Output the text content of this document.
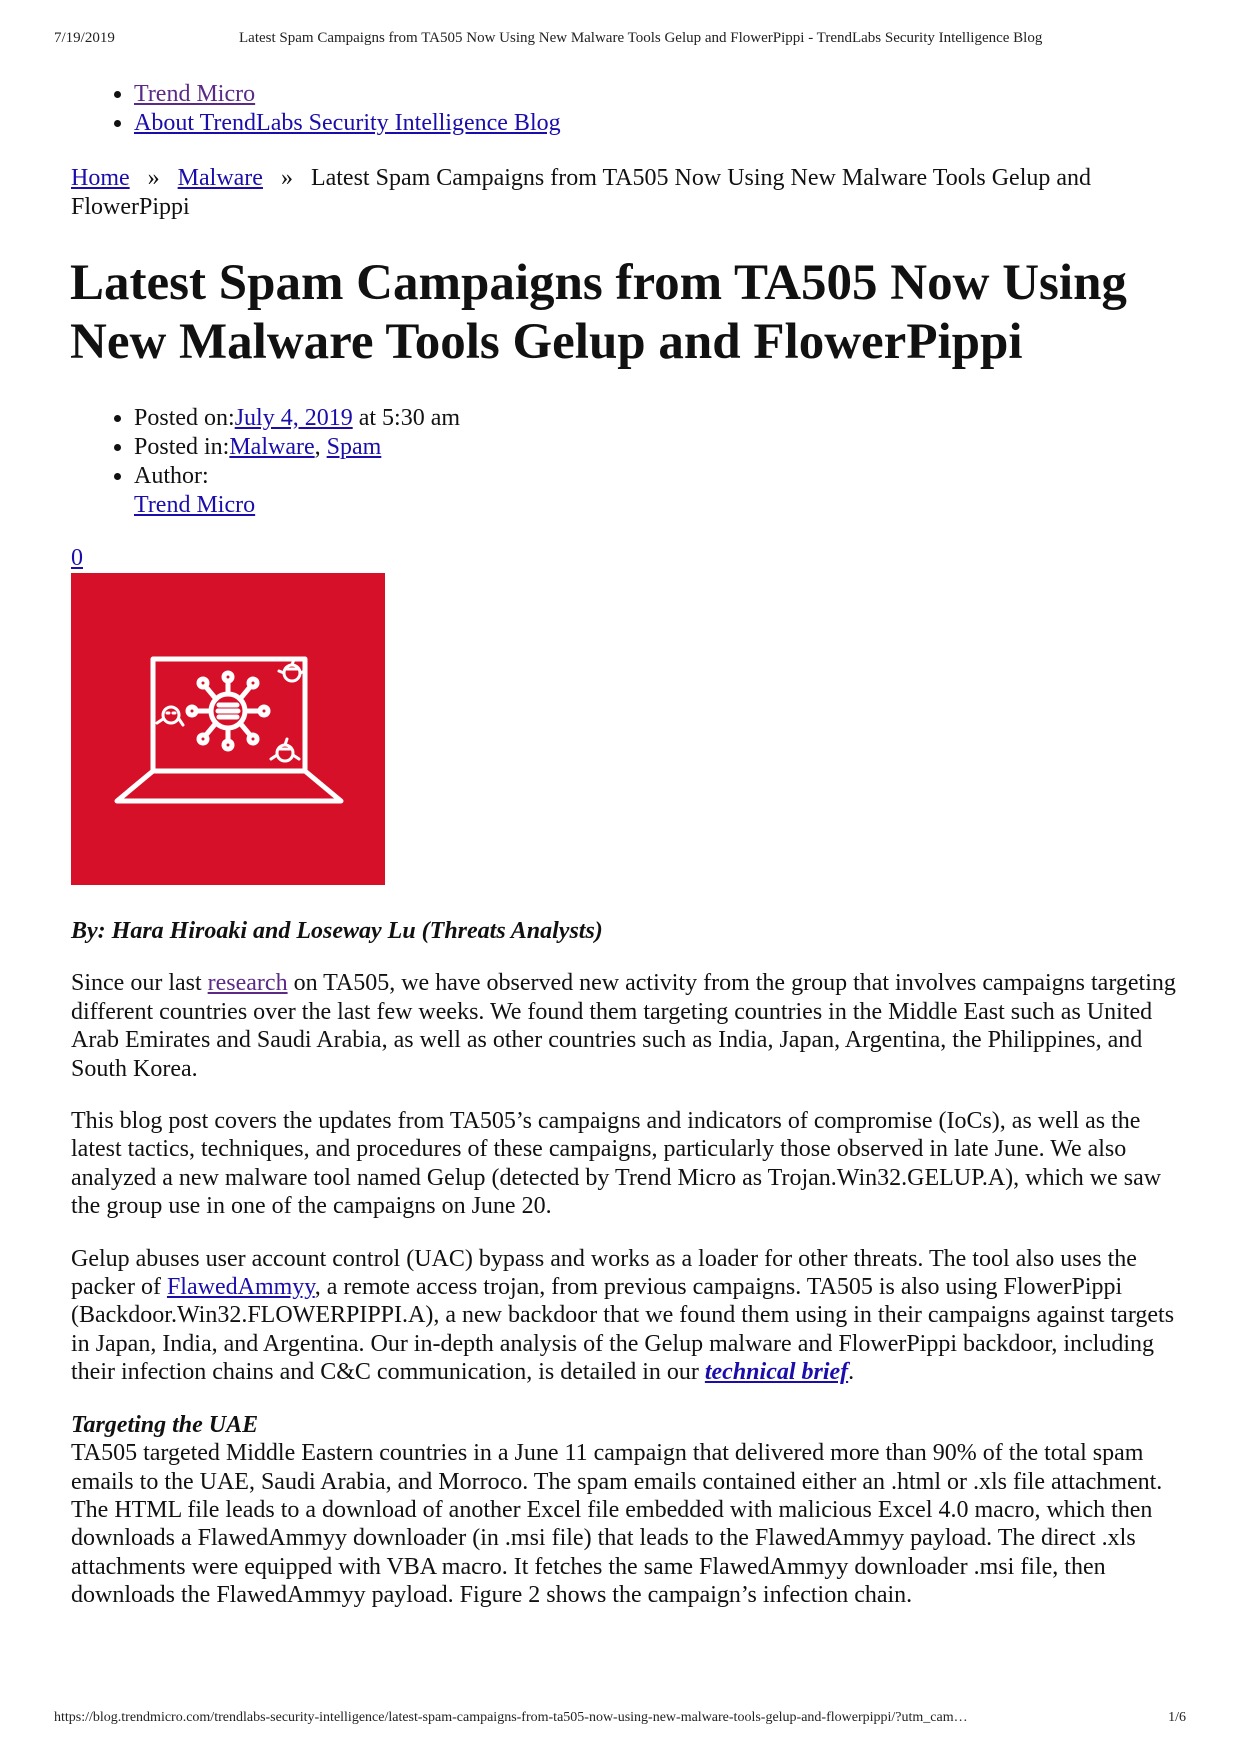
7/19/2019	Latest Spam Campaigns from TA505 Now Using New Malware Tools Gelup and FlowerPippi - TrendLabs Security Intelligence Blog
• Trend Micro
• About TrendLabs Security Intelligence Blog
Home » Malware » Latest Spam Campaigns from TA505 Now Using New Malware Tools Gelup and FlowerPippi
Latest Spam Campaigns from TA505 Now Using New Malware Tools Gelup and FlowerPippi
• Posted on:July 4, 2019 at 5:30 am
• Posted in:Malware, Spam
• Author:
Trend Micro
0

By: Hara Hiroaki and Loseway Lu (Threats Analysts)

Since our last research on TA505, we have observed new activity from the group that involves campaigns targeting different countries over the last few weeks. We found them targeting countries in the Middle East such as United Arab Emirates and Saudi Arabia, as well as other countries such as India, Japan, Argentina, the Philippines, and South Korea.

This blog post covers the updates from TA505’s campaigns and indicators of compromise (IoCs), as well as the latest tactics, techniques, and procedures of these campaigns, particularly those observed in late June. We also analyzed a new malware tool named Gelup (detected by Trend Micro as Trojan.Win32.GELUP.A), which we saw the group use in one of the campaigns on June 20.

Gelup abuses user account control (UAC) bypass and works as a loader for other threats. The tool also uses the packer of FlawedAmmyy, a remote access trojan, from previous campaigns. TA505 is also using FlowerPippi (Backdoor.Win32.FLOWERPIPPI.A), a new backdoor that we found them using in their campaigns against targets in Japan, India, and Argentina. Our in-depth analysis of the Gelup malware and FlowerPippi backdoor, including their infection chains and C&C communication, is detailed in our technical brief.

Targeting the UAE
TA505 targeted Middle Eastern countries in a June 11 campaign that delivered more than 90% of the total spam emails to the UAE, Saudi Arabia, and Morroco. The spam emails contained either an .html or .xls file attachment. The HTML file leads to a download of another Excel file embedded with malicious Excel 4.0 macro, which then downloads a FlawedAmmyy downloader (in .msi file) that leads to the FlawedAmmyy payload. The direct .xls attachments were equipped with VBA macro. It fetches the same FlawedAmmyy downloader .msi file, then downloads the FlawedAmmyy payload. Figure 2 shows the campaign’s infection chain.

https://blog.trendmicro.com/trendlabs-security-intelligence/latest-spam-campaigns-from-ta505-now-using-new-malware-tools-gelup-and-flowerpippi/?utm_cam…	1/6
